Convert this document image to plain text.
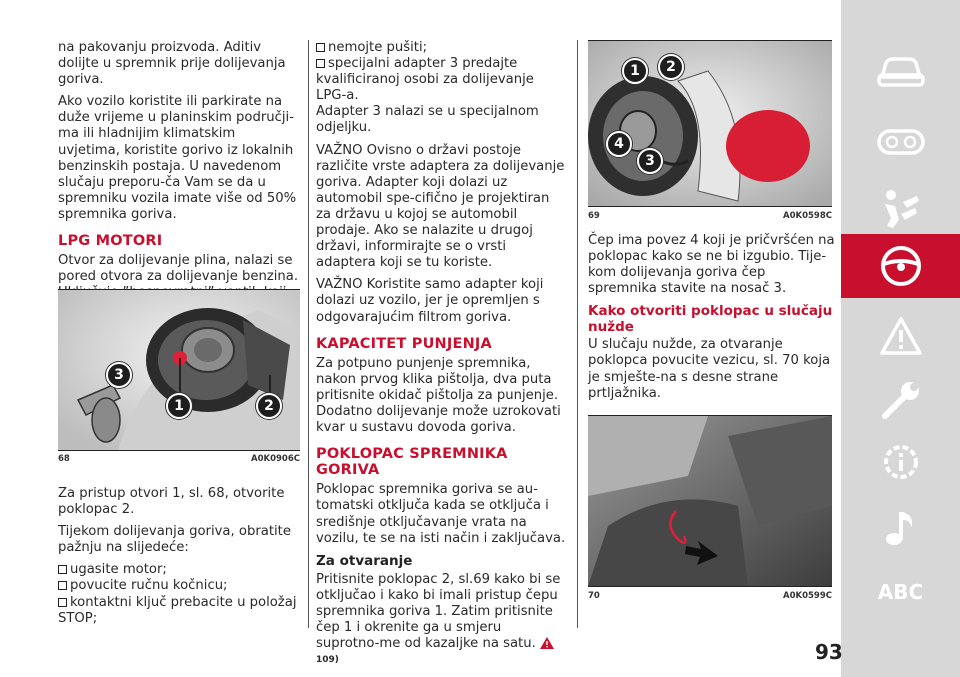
na pakovanju proizvoda. Aditiv dolijte u spremnik prije dolijevanja goriva.

Ako vozilo koristite ili parkirate na duže vrijeme u planinskim područji-ma ili hladnijim klimatskim uvjetima, koristite gorivo iz lokalnih benzinskih postaja. U navedenom slučaju preporu-ča Vam se da u spremniku vozila imate više od 50% spremnika goriva.

LPG MOTORI

Otvor za dolijevanje plina, nalazi se pored otvora za dolijevanje benzina.

1	2
3
68	A0K0906C

Za pristup otvori 1, sl. 68, otvorite poklopac 2.

Tijekom dolijevanja goriva, obratite pažnju na slijedeće:

ugasite motor;
povucite ručnu kočnicu;
kontaktni ključ prebacite u položaj STOP;
nemojte pušiti;
specijalni adapter 3 predajte kvalificiranoj osobi za dolijevanje LPG-a.

Adapter 3 nalazi se u specijalnom odjeljku.

VAŽNO Ovisno o državi postoje različite vrste adaptera za dolijevanje goriva. Adapter koji dolazi uz automobil spe-cifično je projektiran za državu u kojoj se automobil prodaje. Ako se nalazite u drugoj državi, informirajte se o vrsti adaptera koji se tu koriste.

VAŽNO Koristite samo adapter koji dolazi uz vozilo, jer je opremljen s odgovarajućim filtrom goriva.

KAPACITET PUNJENJA

Za potpuno punjenje spremnika, nakon prvog klika pištolja, dva puta pritisnite okidač pištolja za punjenje. Dodatno dolijevanje može uzrokovati kvar u sustavu dovoda goriva.

POKLOPAC SPREMNIKA GORIVA

Poklopac spremnika goriva se au-tomatski otključa kada se otključa i središnje otključavanje vrata na vozilu, te se na isti način i zaključava.

Za otvaranje

Pritisnite poklopac 2, sl.69 kako bi se otključao i kako bi imali pristup čepu spremnika goriva 1. Zatim pritisnite čep 1 i okrenite ga u smjeru suprotno-me od kazaljke na satu.  $^{109)}$

1	2
4
3
69	A0K0598C

Čep ima povez 4 koji je pričvršćen na poklopac kako se ne bi izgubio. Tije-kom dolijevanja goriva čep spremnika stavite na nosač 3.

Kako otvoriti poklopac u slučaju nužde

U slučaju nužde, za otvaranje poklopca povucite vezicu, sl. 70 koja je smješte-na s desne strane prtljažnika.

70	A0K0599C ABC
93
